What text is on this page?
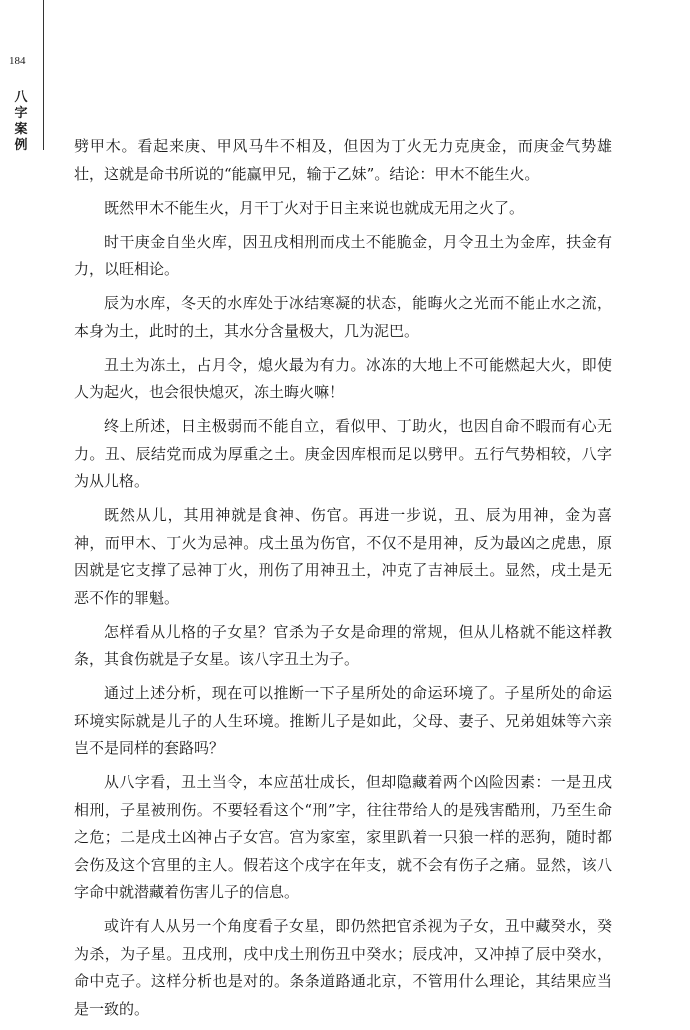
184
八字案例	劈甲木。看起来庚、甲风马牛不相及，但因为丁火无力克庚金，而庚金气势雄壮，这就是命书所说的“能赢甲兄，输于乙妹”。结论：甲木不能生火。

既然甲木不能生火，月干丁火对于日主来说也就成无用之火了。

时干庚金自坐火库，因丑戌相刑而戌土不能脆金，月令丑土为金库，扶金有力，以旺相论。

辰为水库，冬天的水库处于冰结寒凝的状态，能晦火之光而不能止水之流，本身为土，此时的土，其水分含量极大，几为泥巴。

丑土为冻土，占月令，熄火最为有力。冰冻的大地上不可能燃起大火，即使人为起火，也会很快熄灭，冻土晦火嘛！

终上所述，日主极弱而不能自立，看似甲、丁助火，也因自命不暇而有心无力。丑、辰结党而成为厚重之土。庚金因库根而足以劈甲。五行气势相较，八字为从儿格。

既然从儿，其用神就是食神、伤官。再进一步说，丑、辰为用神，金为喜神，而甲木、丁火为忌神。戌土虽为伤官，不仅不是用神，反为最凶之虎患，原因就是它支撑了忌神丁火，刑伤了用神丑土，冲克了吉神辰土。显然，戌土是无恶不作的罪魁。

怎样看从儿格的子女星？官杀为子女是命理的常规，但从儿格就不能这样教条，其食伤就是子女星。该八字丑土为子。

通过上述分析，现在可以推断一下子星所处的命运环境了。子星所处的命运环境实际就是儿子的人生环境。推断儿子是如此，父母、妻子、兄弟姐妹等六亲岂不是同样的套路吗？

从八字看，丑土当令，本应茁壮成长，但却隐藏着两个凶险因素：一是丑戌相刑，子星被刑伤。不要轻看这个“刑”字，往往带给人的是残害酷刑，乃至生命之危；二是戌土凶神占子女宫。宫为家室，家里趴着一只狼一样的恶狗，随时都会伤及这个宫里的主人。假若这个戌字在年支，就不会有伤子之痛。显然，该八字命中就潜藏着伤害儿子的信息。

或许有人从另一个角度看子女星，即仍然把官杀视为子女，丑中藏癸水，癸为杀，为子星。丑戌刑，戌中戊土刑伤丑中癸水；辰戌冲，又冲掉了辰中癸水，命中克子。这样分析也是对的。条条道路通北京，不管用什么理论，其结果应当是一致的。
